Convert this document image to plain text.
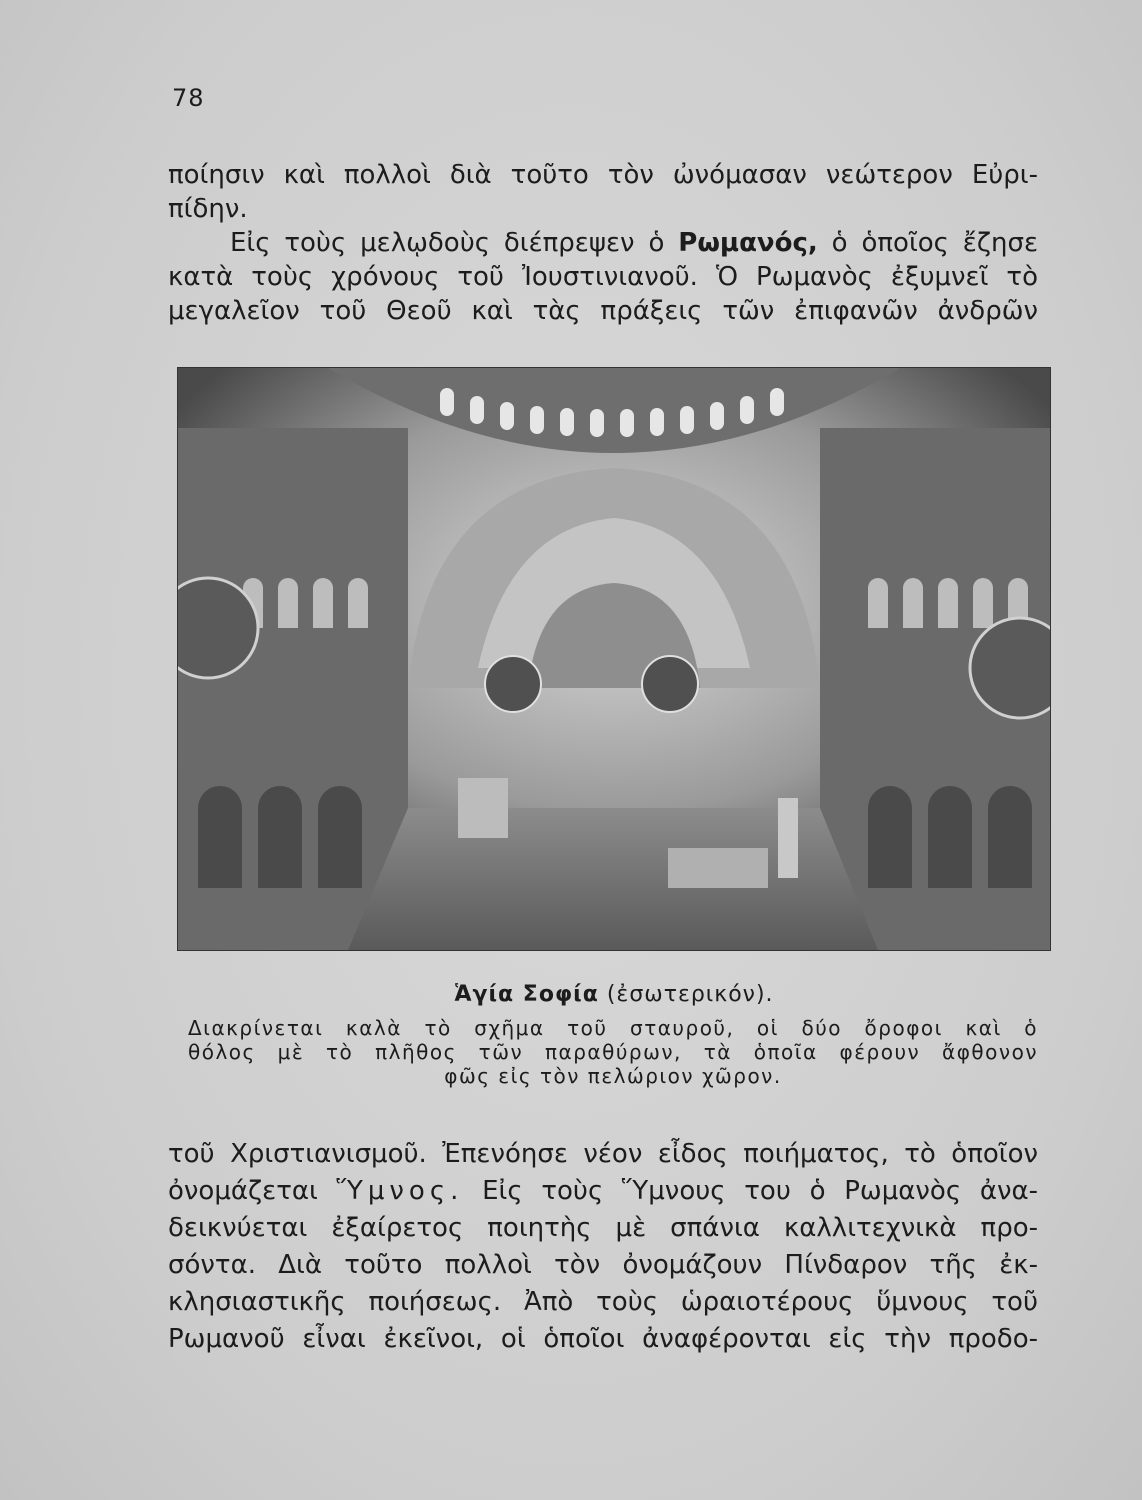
78
ποίησιν καὶ πολλοὶ διὰ τοῦτο τὸν ὠνόμασαν νεώτερον Εὐρι-
πίδην.
Εἰς τοὺς μελῳδοὺς διέπρεψεν ὁ Ρωμανός, ὁ ὁποῖος ἔζησε
κατὰ τοὺς χρόνους τοῦ Ἰουστινιανοῦ. Ὁ Ρωμανὸς ἐξυμνεῖ τὸ
μεγαλεῖον τοῦ Θεοῦ καὶ τὰς πράξεις τῶν ἐπιφανῶν ἀνδρῶν
Ἁγία Σοφία (ἐσωτερικόν).
Διακρίνεται καλὰ τὸ σχῆμα τοῦ σταυροῦ, οἱ δύο ὄροφοι καὶ ὁ
θόλος μὲ τὸ πλῆθος τῶν παραθύρων, τὰ ὁποῖα φέρουν ἄφθονον
φῶς εἰς τὸν πελώριον χῶρον.
τοῦ Χριστιανισμοῦ. Ἐπενόησε νέον εἶδος ποιήματος, τὸ ὁποῖον
ὀνομάζεται Ὕμνος. Εἰς τοὺς Ὕμνους του ὁ Ρωμανὸς ἀνα-
δεικνύεται ἐξαίρετος ποιητὴς μὲ σπάνια καλλιτεχνικὰ προ-
σόντα. Διὰ τοῦτο πολλοὶ τὸν ὀνομάζουν Πίνδαρον τῆς ἐκ-
κλησιαστικῆς ποιήσεως. Ἀπὸ τοὺς ὡραιοτέρους ὕμνους τοῦ
Ρωμανοῦ εἶναι ἐκεῖνοι, οἱ ὁποῖοι ἀναφέρονται εἰς τὴν προδο-
